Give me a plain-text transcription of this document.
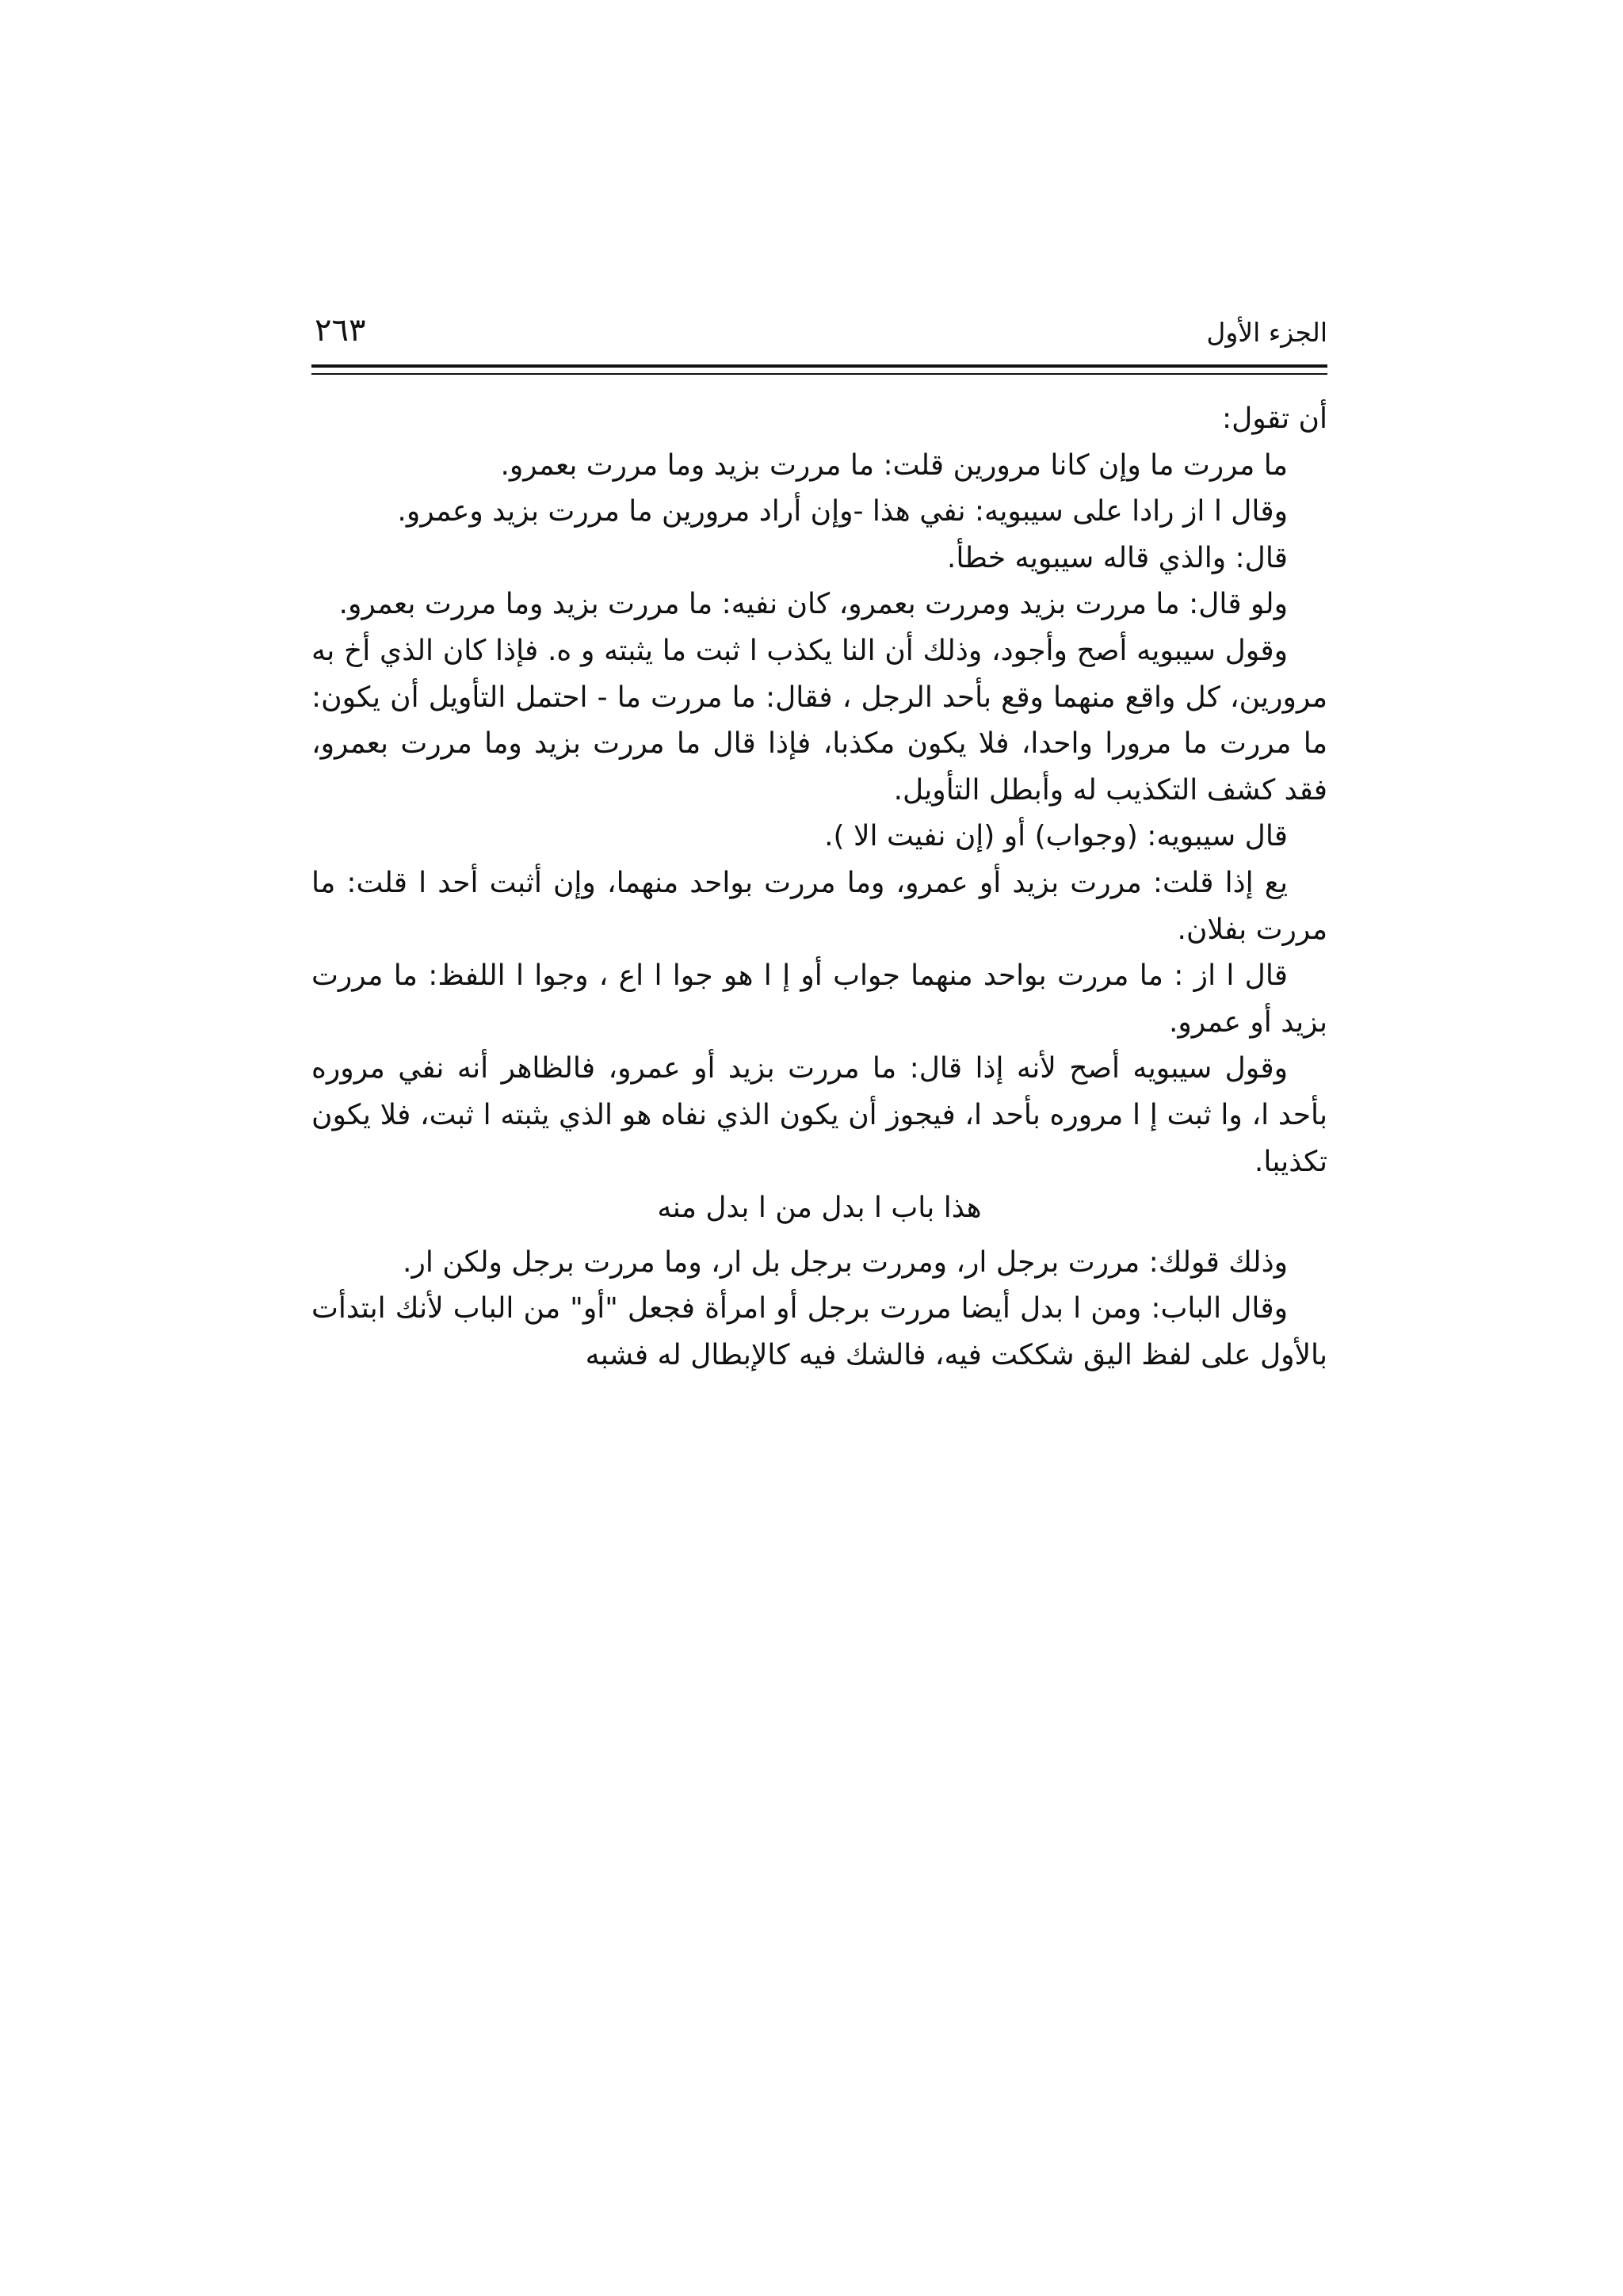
الجزء الأول
٢٦٣

أن تقول:

ما مررت ما وإن كانا مرورين قلت: ما مررت بزيد وما مررت بعمرو.

وقال ا از رادا على سيبويه: نفي هذا -وإن أراد مرورين ما مررت بزيد وعمرو.

قال: والذي قاله سيبويه خطأ.

ولو قال: ما مررت بزيد ومررت بعمرو، كان نفيه: ما مررت بزيد وما مررت بعمرو.

وقول سيبويه أصح وأجود، وذلك أن النا يكذب ا ثبت ما يثبته و ه. فإذا كان الذي أخ به مرورين، كل واقع منهما وقع بأحد الرجل ، فقال: ما مررت ما - احتمل التأويل أن يكون: ما مررت ما مرورا واحدا، فلا يكون مكذبا، فإذا قال ما مررت بزيد وما مررت بعمرو، فقد كشف التكذيب له وأبطل التأويل.

قال سيبويه: (وجواب) أو (إن نفيت الا ).

يع إذا قلت: مررت بزيد أو عمرو، وما مررت بواحد منهما، وإن أثبت أحد ا قلت: ما مررت بفلان.

قال ا از : ما مررت بواحد منهما جواب أو إ ا هو جوا ا اع ، وجوا ا اللفظ: ما مررت بزيد أو عمرو.

وقول سيبويه أصح لأنه إذا قال: ما مررت بزيد أو عمرو، فالظاهر أنه نفي مروره بأحد ا، وا ثبت إ ا مروره بأحد ا، فيجوز أن يكون الذي نفاه هو الذي يثبته ا ثبت، فلا يكون تكذيبا.

هذا باب ا بدل من ا بدل منه

وذلك قولك: مررت برجل ار، ومررت برجل بل ار، وما مررت برجل ولكن ار.

وقال الباب: ومن ا بدل أيضا مررت برجل أو امرأة فجعل "أو" من الباب لأنك ابتدأت بالأول على لفظ اليق شككت فيه، فالشك فيه كالإبطال له فشبه
